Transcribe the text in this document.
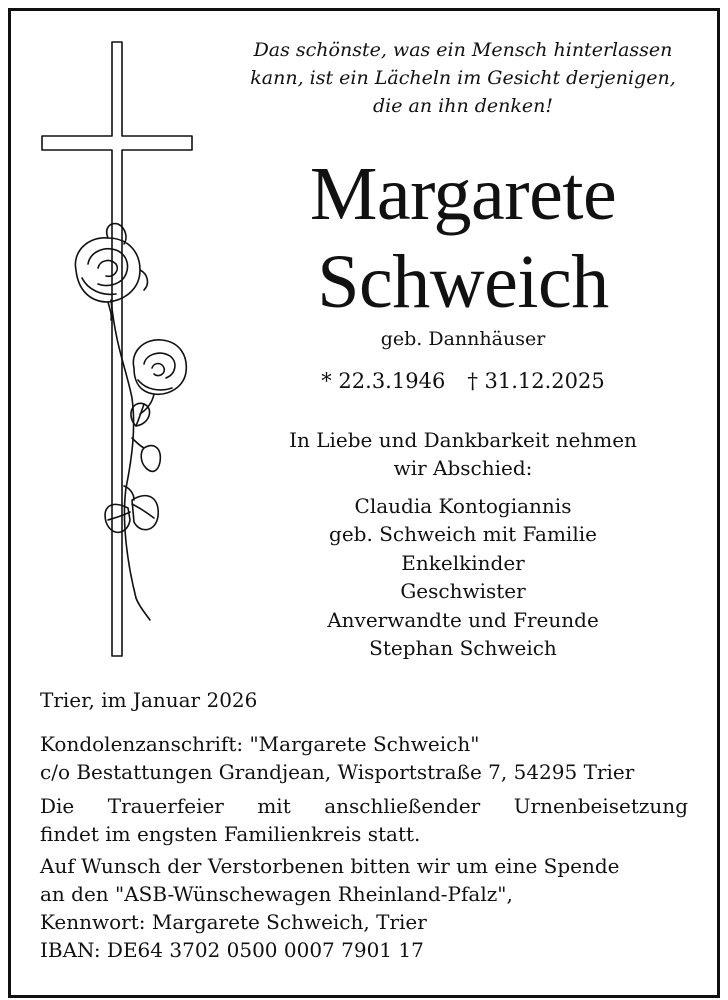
Das schönste, was ein Mensch hinterlassen
kann, ist ein Lächeln im Gesicht derjenigen,
die an ihn denken!
Margarete
Schweich
geb. Dannhäuser
* 22.3.1946 † 31.12.2025
In Liebe und Dankbarkeit nehmen
wir Abschied:
Claudia Kontogiannis
geb. Schweich mit Familie
Enkelkinder
Geschwister
Anverwandte und Freunde
Stephan Schweich
Trier, im Januar 2026
Kondolenzanschrift: "Margarete Schweich"
c/o Bestattungen Grandjean, Wisportstraße 7, 54295 Trier
Die Trauerfeier mit anschließender Urnenbeisetzung
findet im engsten Familienkreis statt.
Auf Wunsch der Verstorbenen bitten wir um eine Spende
an den "ASB-Wünschewagen Rheinland-Pfalz",
Kennwort: Margarete Schweich, Trier
IBAN: DE64 3702 0500 0007 7901 17
